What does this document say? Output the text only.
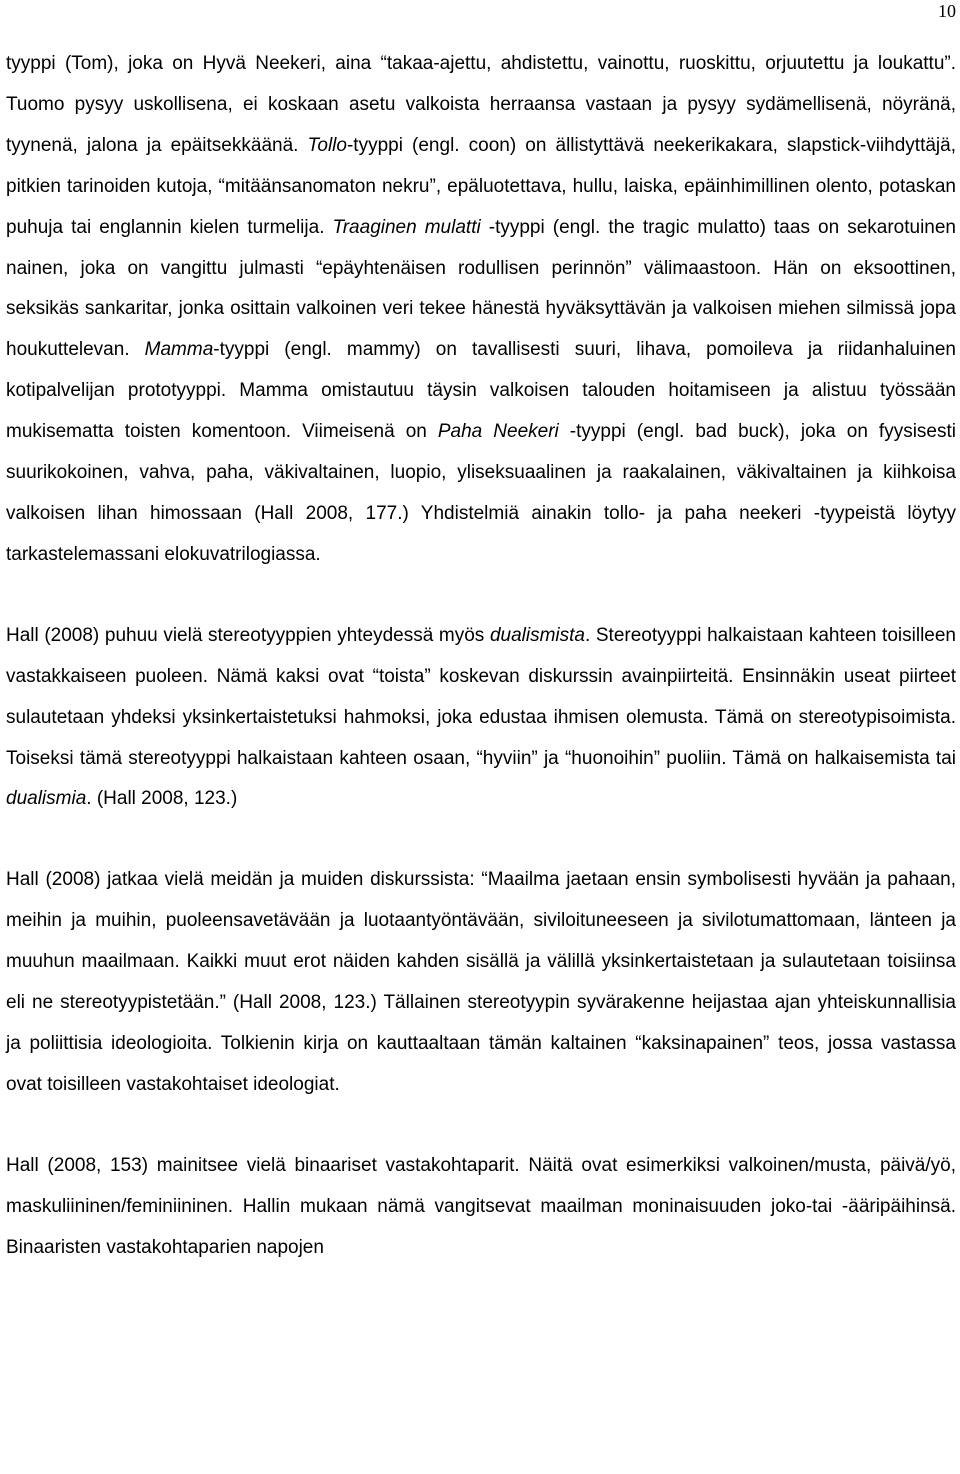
10

tyyppi (Tom), joka on Hyvä Neekeri, aina “takaa-ajettu, ahdistettu, vainottu, ruoskittu, orjuutettu ja loukattu”. Tuomo pysyy uskollisena, ei koskaan asetu valkoista herraansa vastaan ja pysyy sydämellisenä, nöyränä, tyynenä, jalona ja epäitsekkäänä. Tollo-tyyppi (engl. coon) on ällistyttävä neekerikakara, slapstick-viihdyttäjä, pitkien tarinoiden kutoja, “mitäänsanomaton nekru”, epäluotettava, hullu, laiska, epäinhimillinen olento, potaskan puhuja tai englannin kielen turmelija. Traaginen mulatti -tyyppi (engl. the tragic mulatto) taas on sekarotuinen nainen, joka on vangittu julmasti “epäyhtenäisen rodullisen perinnön” välimaastoon. Hän on eksoottinen, seksikäs sankaritar, jonka osittain valkoinen veri tekee hänestä hyväksyttävän ja valkoisen miehen silmissä jopa houkuttelevan. Mamma-tyyppi (engl. mammy) on tavallisesti suuri, lihava, pomoileva ja riidanhaluinen kotipalvelijan prototyyppi. Mamma omistautuu täysin valkoisen talouden hoitamiseen ja alistuu työssään mukisematta toisten komentoon. Viimeisenä on Paha Neekeri -tyyppi (engl. bad buck), joka on fyysisesti suurikokoinen, vahva, paha, väkivaltainen, luopio, yliseksuaalinen ja raakalainen, väkivaltainen ja kiihkoisa valkoisen lihan himossaan (Hall 2008, 177.) Yhdistelmiä ainakin tollo- ja paha neekeri -tyypeistä löytyy tarkastelemassani elokuvatrilogiassa.

Hall (2008) puhuu vielä stereotyyppien yhteydessä myös dualismista. Stereotyyppi halkaistaan kahteen toisilleen vastakkaiseen puoleen. Nämä kaksi ovat “toista” koskevan diskurssin avainpiirteitä. Ensinnäkin useat piirteet sulautetaan yhdeksi yksinkertaistetuksi hahmoksi, joka edustaa ihmisen olemusta. Tämä on stereotypisoimista. Toiseksi tämä stereotyyppi halkaistaan kahteen osaan, “hyviin” ja “huonoihin” puoliin. Tämä on halkaisemista tai dualismia. (Hall 2008, 123.)

Hall (2008) jatkaa vielä meidän ja muiden diskurssista: “Maailma jaetaan ensin symbolisesti hyvään ja pahaan, meihin ja muihin, puoleensavetävään ja luotaantyöntävään, siviloituneeseen ja sivilotumattomaan, länteen ja muuhun maailmaan. Kaikki muut erot näiden kahden sisällä ja välillä yksinkertaistetaan ja sulautetaan toisiinsa eli ne stereotyypistetään.” (Hall 2008, 123.) Tällainen stereotyypin syvärakenne heijastaa ajan yhteiskunnallisia ja poliittisia ideologioita. Tolkienin kirja on kauttaaltaan tämän kaltainen “kaksinapainen” teos, jossa vastassa ovat toisilleen vastakohtaiset ideologiat.

Hall (2008, 153) mainitsee vielä binaariset vastakohtaparit. Näitä ovat esimerkiksi valkoinen/musta, päivä/yö, maskuliininen/feminiininen. Hallin mukaan nämä vangitsevat maailman moninaisuuden joko-tai -ääripäihinsä. Binaaristen vastakohtaparien napojen
